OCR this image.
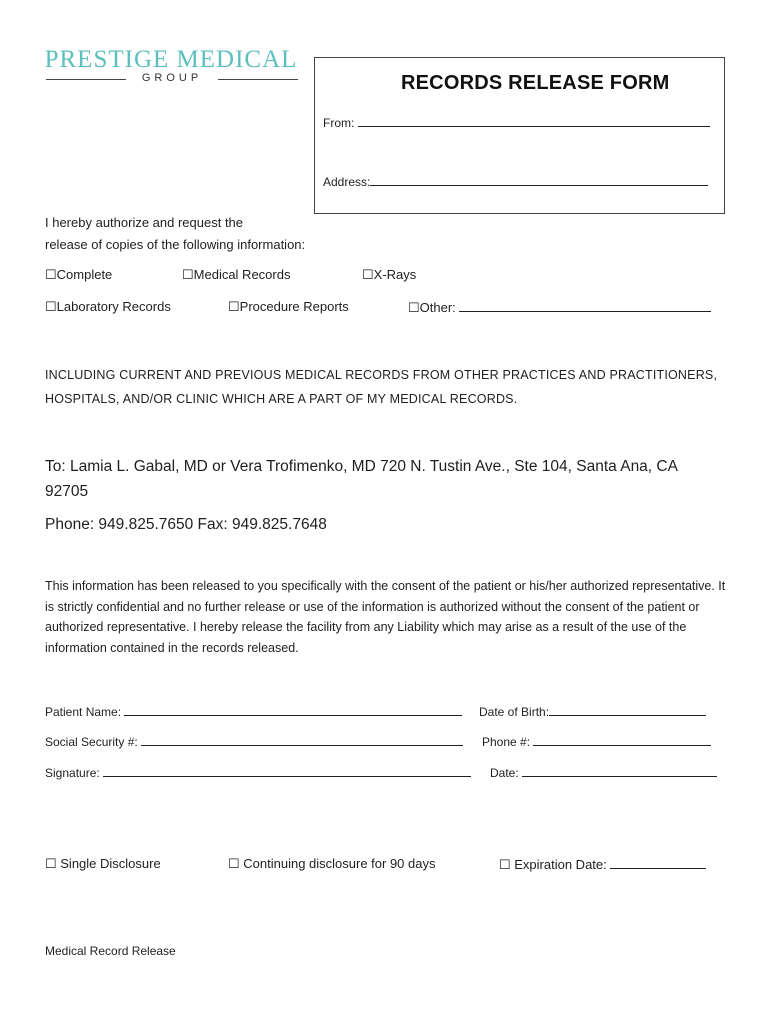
PRESTIGE MEDICAL
GROUP	RECORDS RELEASE FORM
From:
Address:
I hereby authorize and request the
release of copies of the following information:
☐Complete	☐Medical Records	☐X-Rays
☐Laboratory Records	☐Procedure Reports	☐Other:
INCLUDING CURRENT AND PREVIOUS MEDICAL RECORDS FROM OTHER PRACTICES AND PRACTITIONERS,
HOSPITALS, AND/OR CLINIC WHICH ARE A PART OF MY MEDICAL RECORDS.
To: Lamia L. Gabal, MD or Vera Trofimenko, MD 720 N. Tustin Ave., Ste 104, Santa Ana, CA
92705
Phone: 949.825.7650 Fax: 949.825.7648
This information has been released to you specifically with the consent of the patient or his/her authorized representative. It is strictly confidential and no further release or use of the information is authorized without the consent of the patient or authorized representative. I hereby release the facility from any Liability which may arise as a result of the use of the information contained in the records released.
Patient Name:	Date of Birth:
Social Security #:	Phone #:
Signature:	Date:
☐ Single Disclosure	☐ Continuing disclosure for 90 days	☐ Expiration Date:
Medical Record Release
